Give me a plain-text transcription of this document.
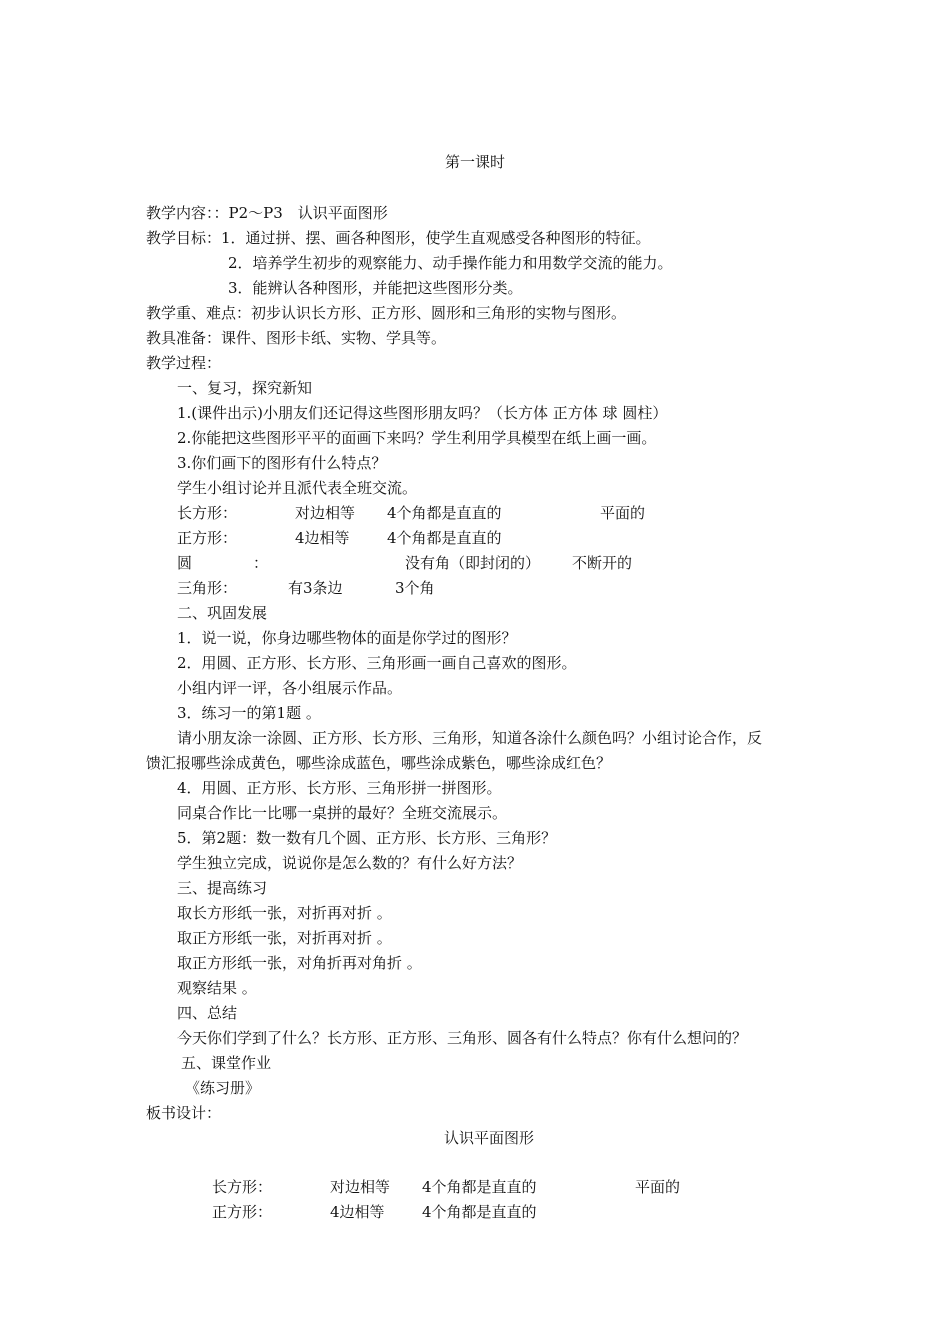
第一课时
教学内容：：P2～P3　认识平面图形
教学目标：1．通过拼、摆、画各种图形，使学生直观感受各种图形的特征。
2．培养学生初步的观察能力、动手操作能力和用数学交流的能力。
3．能辨认各种图形，并能把这些图形分类。
教学重、难点：初步认识长方形、正方形、圆形和三角形的实物与图形。
教具准备：课件、图形卡纸、实物、学具等。
教学过程：
一、复习，探究新知
1.(课件出示)小朋友们还记得这些图形朋友吗？（长方体 正方体 球 圆柱）
2.你能把这些图形平平的面画下来吗？学生利用学具模型在纸上画一画。
3.你们画下的图形有什么特点？
学生小组讨论并且派代表全班交流。
长方形：	对边相等 4个角都是直直的	平面的
正方形：	4边相等 4个角都是直直的
圆	：	没有角（即封闭的） 不断开的
三角形：	有3条边	3个角
二、巩固发展
1．说一说，你身边哪些物体的面是你学过的图形？
2．用圆、正方形、长方形、三角形画一画自己喜欢的图形。
小组内评一评，各小组展示作品。
3．练习一的第1题 。
请小朋友涂一涂圆、正方形、长方形、三角形，知道各涂什么颜色吗？小组讨论合作，反
馈汇报哪些涂成黄色，哪些涂成蓝色，哪些涂成紫色，哪些涂成红色？
4．用圆、正方形、长方形、三角形拼一拼图形。
同桌合作比一比哪一桌拼的最好？全班交流展示。
5．第2题：数一数有几个圆、正方形、长方形、三角形？
学生独立完成，说说你是怎么数的？有什么好方法？
三、提高练习
取长方形纸一张，对折再对折 。
取正方形纸一张，对折再对折 。
取正方形纸一张，对角折再对角折 。
观察结果 。
四、总结
今天你们学到了什么？长方形、正方形、三角形、圆各有什么特点？你有什么想问的？
五、课堂作业
《练习册》
板书设计：
认识平面图形
长方形：	对边相等 4个角都是直直的	平面的
正方形：	4边相等 4个角都是直直的
